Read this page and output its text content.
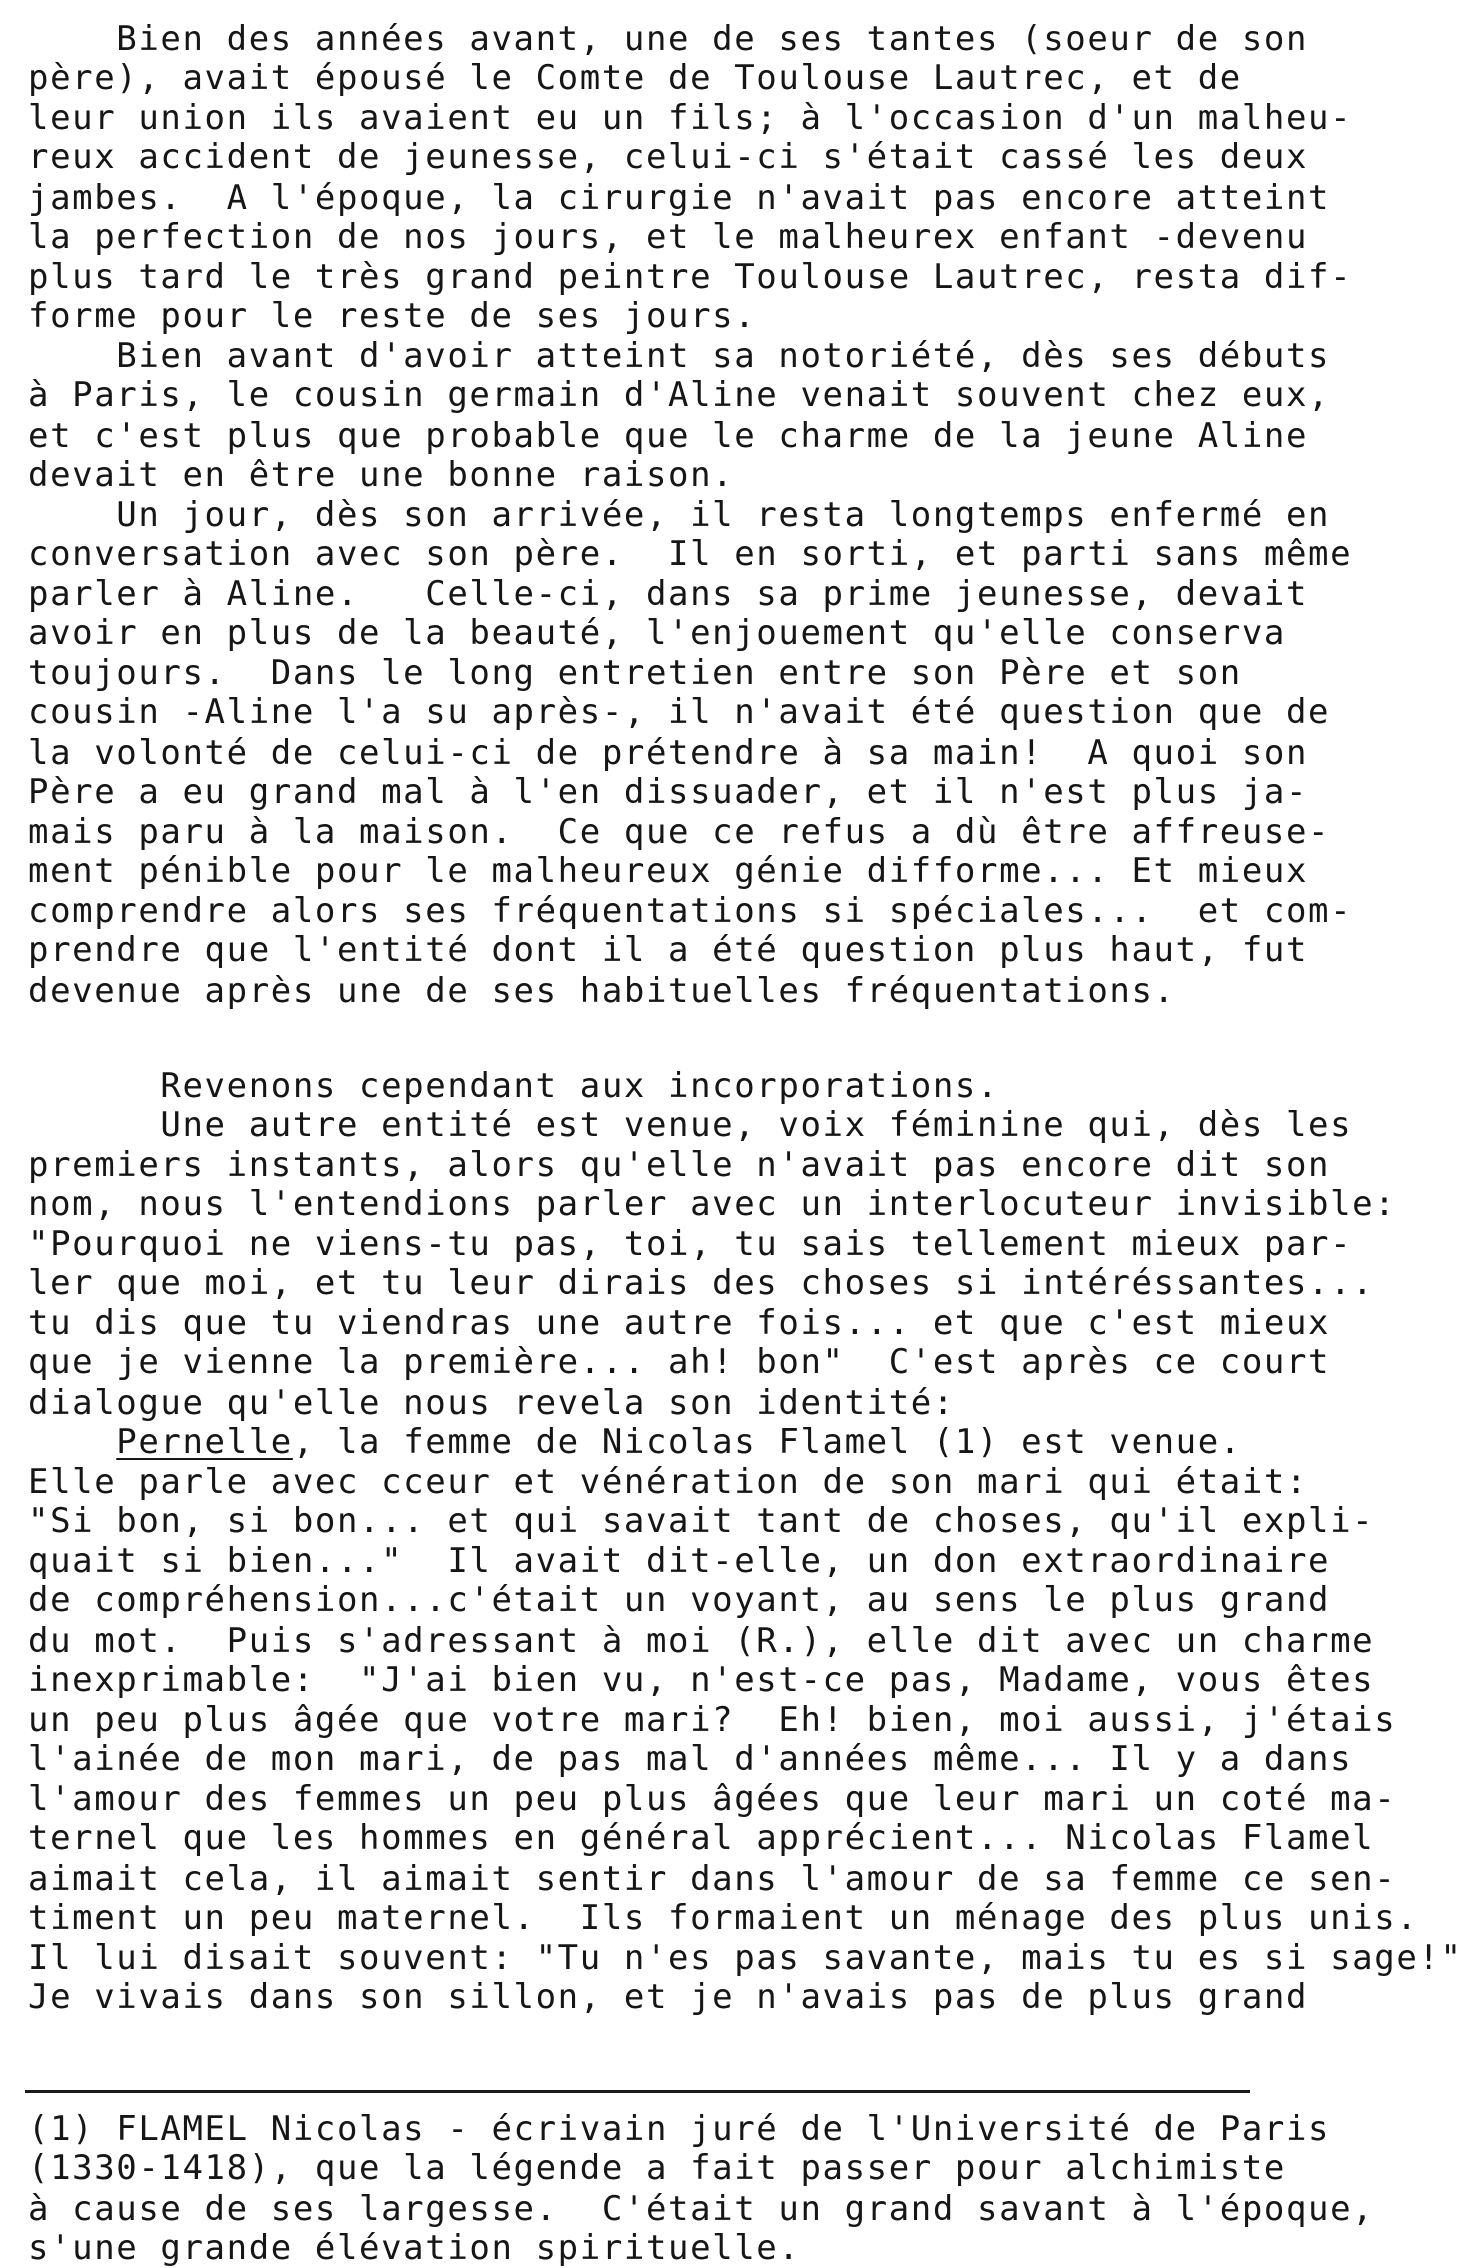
Bien des années avant, une de ses tantes (soeur de son
père), avait épousé le Comte de Toulouse Lautrec, et de
leur union ils avaient eu un fils; à l'occasion d'un malheu-
reux accident de jeunesse, celui-ci s'était cassé les deux
jambes.  A l'époque, la cirurgie n'avait pas encore atteint
la perfection de nos jours, et le malheurex enfant -devenu
plus tard le très grand peintre Toulouse Lautrec, resta dif-
forme pour le reste de ses jours.
Bien avant d'avoir atteint sa notoriété, dès ses débuts
à Paris, le cousin germain d'Aline venait souvent chez eux,
et c'est plus que probable que le charme de la jeune Aline
devait en être une bonne raison.
Un jour, dès son arrivée, il resta longtemps enfermé en
conversation avec son père.  Il en sorti, et parti sans même
parler à Aline.   Celle-ci, dans sa prime jeunesse, devait
avoir en plus de la beauté, l'enjouement qu'elle conserva
toujours.  Dans le long entretien entre son Père et son
cousin -Aline l'a su après-, il n'avait été question que de
la volonté de celui-ci de prétendre à sa main!  A quoi son
Père a eu grand mal à l'en dissuader, et il n'est plus ja-
mais paru à la maison.  Ce que ce refus a dù être affreuse-
ment pénible pour le malheureux génie difforme... Et mieux
comprendre alors ses fréquentations si spéciales...  et com-
prendre que l'entité dont il a été question plus haut, fut
devenue après une de ses habituelles fréquentations.
Revenons cependant aux incorporations.
Une autre entité est venue, voix féminine qui, dès les
premiers instants, alors qu'elle n'avait pas encore dit son
nom, nous l'entendions parler avec un interlocuteur invisible:
"Pourquoi ne viens-tu pas, toi, tu sais tellement mieux par-
ler que moi, et tu leur dirais des choses si intéréssantes...
tu dis que tu viendras une autre fois... et que c'est mieux
que je vienne la première... ah! bon"  C'est après ce court
dialogue qu'elle nous revela son identité:
Pernelle, la femme de Nicolas Flamel (1) est venue.
Elle parle avec cceur et vénération de son mari qui était:
"Si bon, si bon... et qui savait tant de choses, qu'il expli-
quait si bien..."  Il avait dit-elle, un don extraordinaire
de compréhension...c'était un voyant, au sens le plus grand
du mot.  Puis s'adressant à moi (R.), elle dit avec un charme
inexprimable:  "J'ai bien vu, n'est-ce pas, Madame, vous êtes
un peu plus âgée que votre mari?  Eh! bien, moi aussi, j'étais
l'ainée de mon mari, de pas mal d'années même... Il y a dans
l'amour des femmes un peu plus âgées que leur mari un coté ma-
ternel que les hommes en général apprécient... Nicolas Flamel
aimait cela, il aimait sentir dans l'amour de sa femme ce sen-
timent un peu maternel.  Ils formaient un ménage des plus unis.
Il lui disait souvent: "Tu n'es pas savante, mais tu es si sage!"
Je vivais dans son sillon, et je n'avais pas de plus grand
(1) FLAMEL Nicolas - écrivain juré de l'Université de Paris
(1330-1418), que la légende a fait passer pour alchimiste
à cause de ses largesse.  C'était un grand savant à l'époque,
s'une grande élévation spirituelle.
